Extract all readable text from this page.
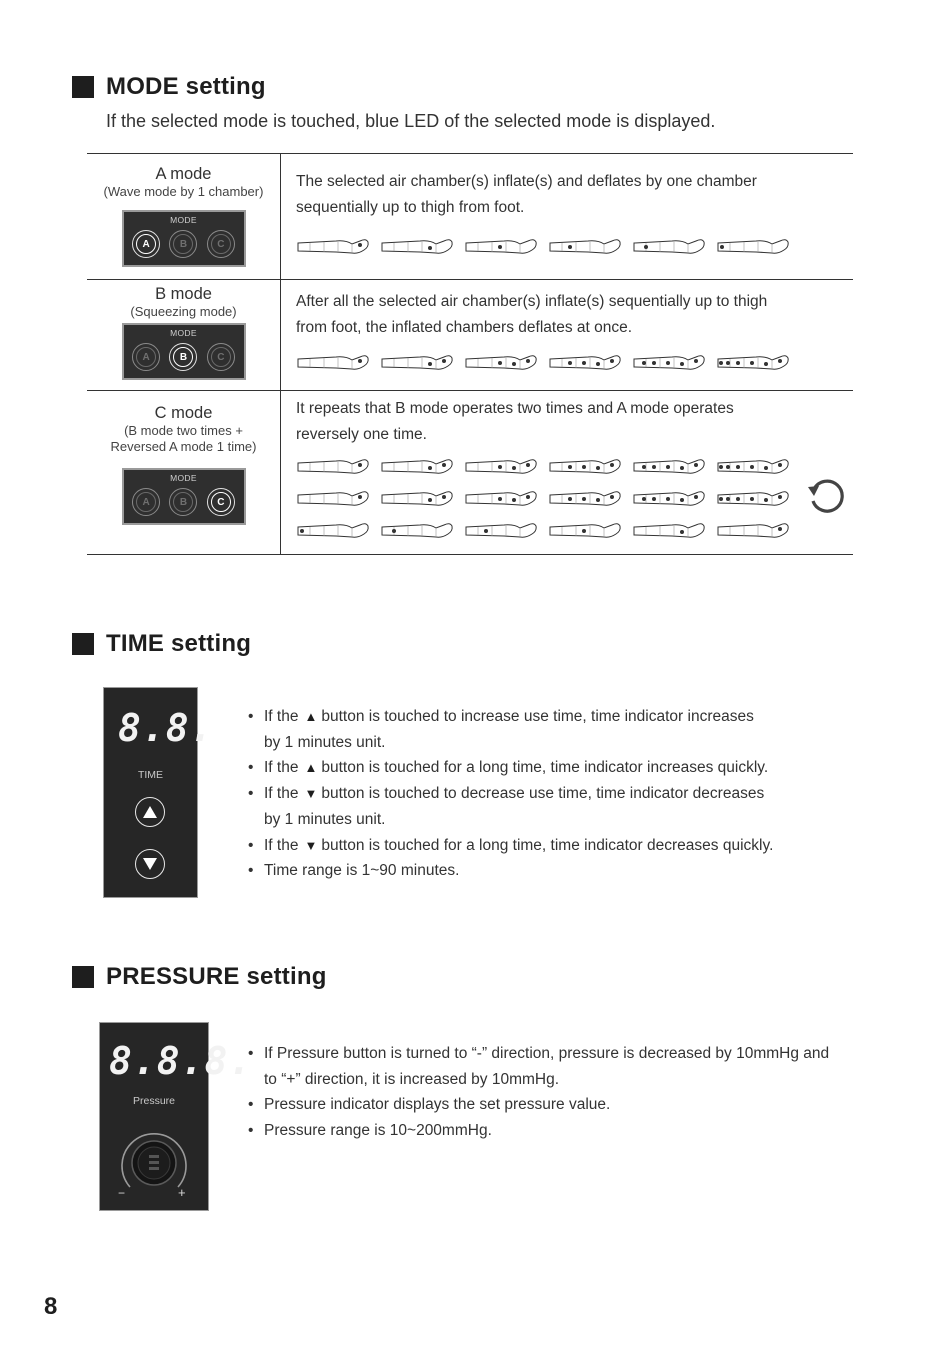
MODE setting
If the selected mode is touched, blue LED of the selected mode is displayed.
A mode
(Wave mode by 1 chamber)
MODE
A	B	C
The selected air chamber(s) inflate(s) and deflates by one chamber
sequentially up to thigh from foot.
B mode
(Squeezing mode)
MODE
A	B	C
After all the selected air chamber(s) inflate(s) sequentially up to thigh
from foot, the inflated chambers deflates at once.
C mode
(B mode two times +
Reversed A mode 1 time)
MODE
A	B	C
It repeats that B mode operates two times and A mode operates
reversely one time.
TIME setting
8.8.
TIME
• If the ▲ button is touched to increase use time, time indicator increases
by 1 minutes unit.
• If the ▲ button is touched for a long time, time indicator increases quickly.
• If the ▼ button is touched to decrease use time, time indicator decreases
by 1 minutes unit.
• If the ▼ button is touched for a long time, time indicator decreases quickly.
• Time range is 1~90 minutes.
PRESSURE setting
8.8.8.
Pressure
−	+
• If Pressure button is turned to “-” direction, pressure is decreased by 10mmHg and
to “+” direction, it is increased by 10mmHg.
• Pressure indicator displays the set pressure value.
• Pressure range is 10~200mmHg.
8
